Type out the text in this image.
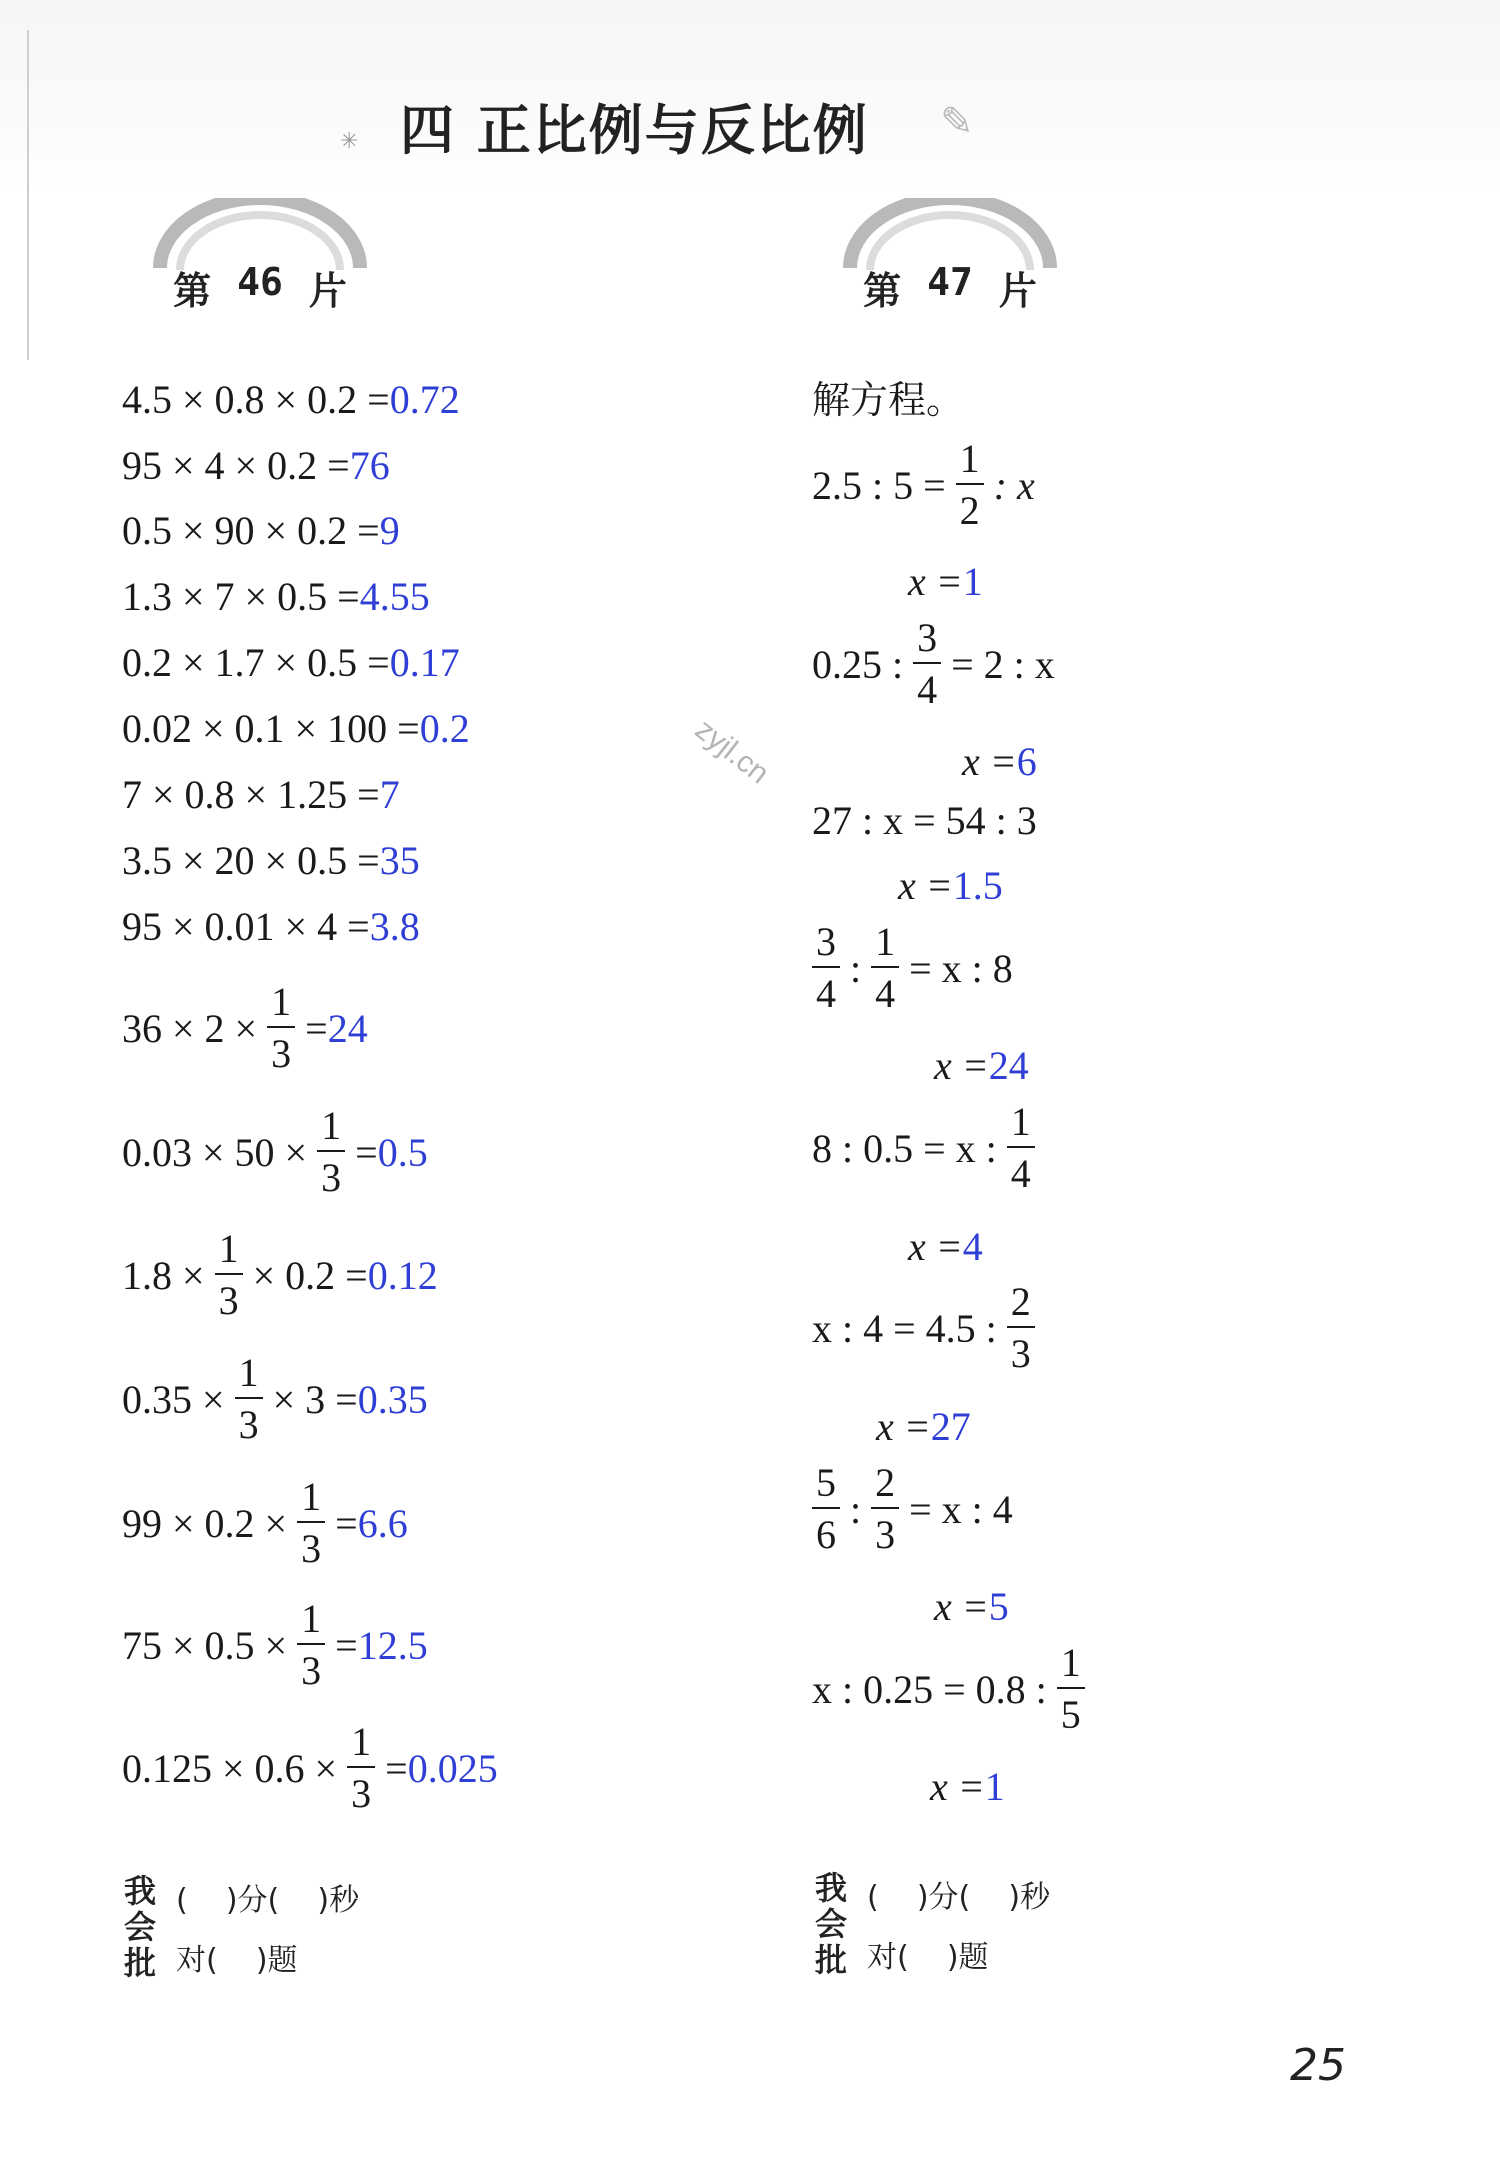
✳ 四 正比例与反比例 ✎
第 46 片	第 47 片
4.5 × 0.8 × 0.2 = 0.72
95 × 4 × 0.2 = 76
0.5 × 90 × 0.2 = 9
1.3 × 7 × 0.5 = 4.55
0.2 × 1.7 × 0.5 = 0.17
0.02 × 0.1 × 100 = 0.2
7 × 0.8 × 1.25 = 7
3.5 × 20 × 0.5 = 35
95 × 0.01 × 4 = 3.8
$36 \times 2 \times \frac{1}{3} = 24$
$0.03 \times 50 \times \frac{1}{3} = 0.5$
$1.8 \times \frac{1}{3} \times 0.2 = 0.12$
$0.35 \times \frac{1}{3} \times 3 = 0.35$
$99 \times 0.2 \times \frac{1}{3} = 6.6$
$75 \times 0.5 \times \frac{1}{3} = 12.5$
$0.125 \times 0.6 \times \frac{1}{3} = 0.025$
我会批
(    )分(    )秒
对(    )题
解方程。
2.5 : $5 = \frac{1}{2}$ : x
x = 1
0.25 : $\frac{3}{4} = 2$ : x
x = 6
27 : x = 54 : 3
x = 1.5
$\frac{3}{4}$ : $\frac{1}{4} = x$ : 8
x = 24
8 : 0.5 = x : $\frac{1}{4}$
x = 4
x : 4 = 4.5 : $\frac{2}{3}$
x = 27
$\frac{5}{6}$ : $\frac{2}{3} = x$ : 4
x = 5
x : 0.25 = 0.8 : $\frac{1}{5}$
x = 1
我会批
(    )分(    )秒
对(    )题
zyjl.cn
25
